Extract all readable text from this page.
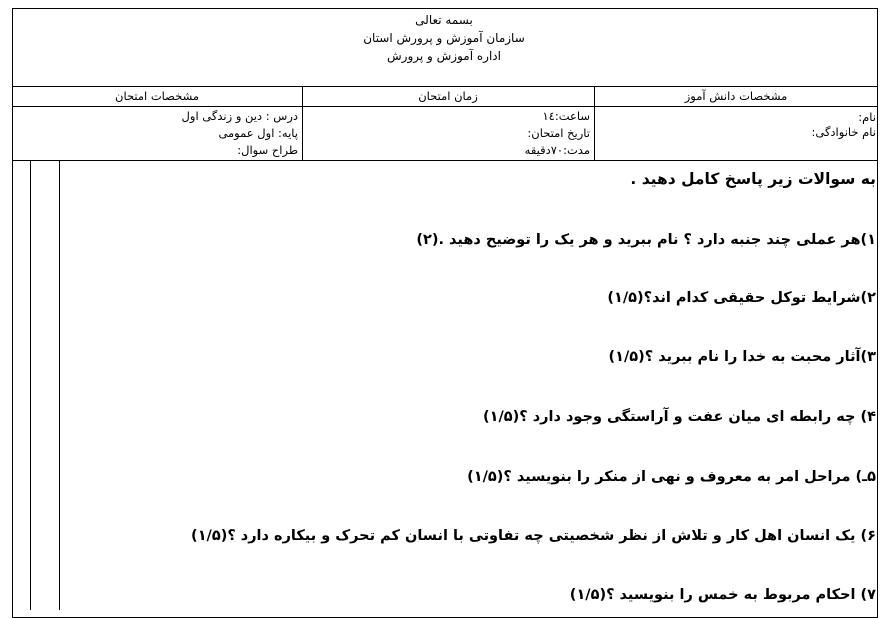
بسمه تعالی
سازمان آموزش و پرورش استان
اداره آموزش و پرورش
مشخصات دانش آموز
زمان امتحان
مشخصات امتحان
نام:
نام خانوادگی:
ساعت:۱٤
تاریخ امتحان:
مدت:۷۰دقیقه
درس : دین و زندگی اول
پایه: اول عمومی
طراح سوال:
به سوالات زیر پاسخ کامل دهید .
۱)هر عملی چند جنبه دارد ؟ نام ببرید و هر یک را توضیح دهید .(۲)
۲)شرایط توکل حقیقی کدام اند؟(۱/۵)
۳)آثار محبت به خدا را نام ببرید ؟(۱/۵)
۴) چه رابطه ای میان عفت و آراستگی وجود دارد ؟(۱/۵)
۵ـ) مراحل امر به معروف و نهی از منکر را بنویسید ؟(۱/۵)
۶) یک انسان اهل کار و تلاش از نظر شخصیتی چه تفاوتی با انسان کم تحرک و بیکاره دارد ؟(۱/۵)
۷) احکام مربوط به خمس را بنویسید ؟(۱/۵)
